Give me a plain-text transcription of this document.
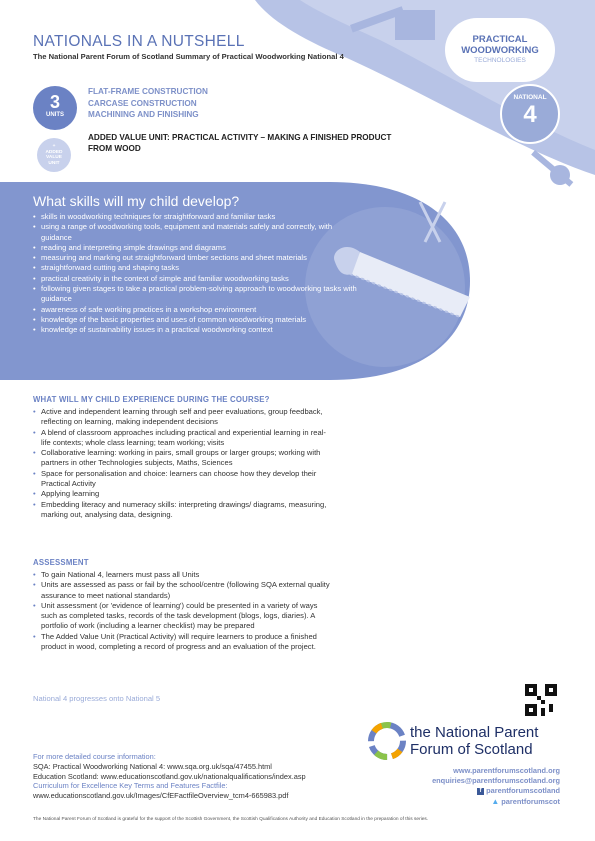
NATIONALS IN A NUTSHELL
The National Parent Forum of Scotland Summary of Practical Woodworking National 4
PRACTICAL
WOODWORKING
TECHNOLOGIES
NATIONAL
4
3
UNITS
+
ADDED
VALUE
UNIT
FLAT-FRAME CONSTRUCTION
CARCASE CONSTRUCTION
MACHINING AND FINISHING
ADDED VALUE UNIT: PRACTICAL ACTIVITY – MAKING A FINISHED PRODUCT FROM WOOD
What skills will my child develop?
• skills in woodworking techniques for straightforward and familiar tasks
• using a range of woodworking tools, equipment and materials safely and correctly, with guidance
• reading and interpreting simple drawings and diagrams
• measuring and marking out straightforward timber sections and sheet materials
• straightforward cutting and shaping tasks
• practical creativity in the context of simple and familiar woodworking tasks
• following given stages to take a practical problem-solving approach to woodworking tasks with guidance
• awareness of safe working practices in a workshop environment
• knowledge of the basic properties and uses of common woodworking materials
• knowledge of sustainability issues in a practical woodworking context
WHAT WILL MY CHILD EXPERIENCE DURING THE COURSE?
• Active and independent learning through self and peer evaluations, group feedback, reflecting on learning, making independent decisions
• A blend of classroom approaches including practical and experiential learning in real-life contexts; whole class learning; team working; visits
• Collaborative learning: working in pairs, small groups or larger groups; working with partners in other Technologies subjects, Maths, Sciences
• Space for personalisation and choice: learners can choose how they develop their Practical Activity
• Applying learning
• Embedding literacy and numeracy skills: interpreting drawings/ diagrams, measuring, marking out, analysing data, designing.
ASSESSMENT
• To gain National 4, learners must pass all Units
• Units are assessed as pass or fail by the school/centre (following SQA external quality assurance to meet national standards)
• Unit assessment (or 'evidence of learning') could be presented in a variety of ways such as completed tasks, records of the task development (blogs, logs, diaries). A portfolio of work (including a learner checklist) may be prepared
• The Added Value Unit (Practical Activity) will require learners to produce a finished product in wood, completing a record of progress and an evaluation of the project.
National 4 progresses onto National 5
the National Parent
Forum of Scotland
For more detailed course information:
SQA: Practical Woodworking National 4: www.sqa.org.uk/sqa/47455.html
Education Scotland: www.educationscotland.gov.uk/nationalqualifications/index.asp
Curriculum for Excellence Key Terms and Features Factfile:
www.educationscotland.gov.uk/Images/CfEFactfileOverview_tcm4-665983.pdf
www.parentforumscotland.org
enquiries@parentforumscotland.org
f parentforumscotland
▲ parentforumscot
The National Parent Forum of Scotland is grateful for the support of the Scottish Government, the Scottish Qualifications Authority and Education Scotland in the preparation of this series.
